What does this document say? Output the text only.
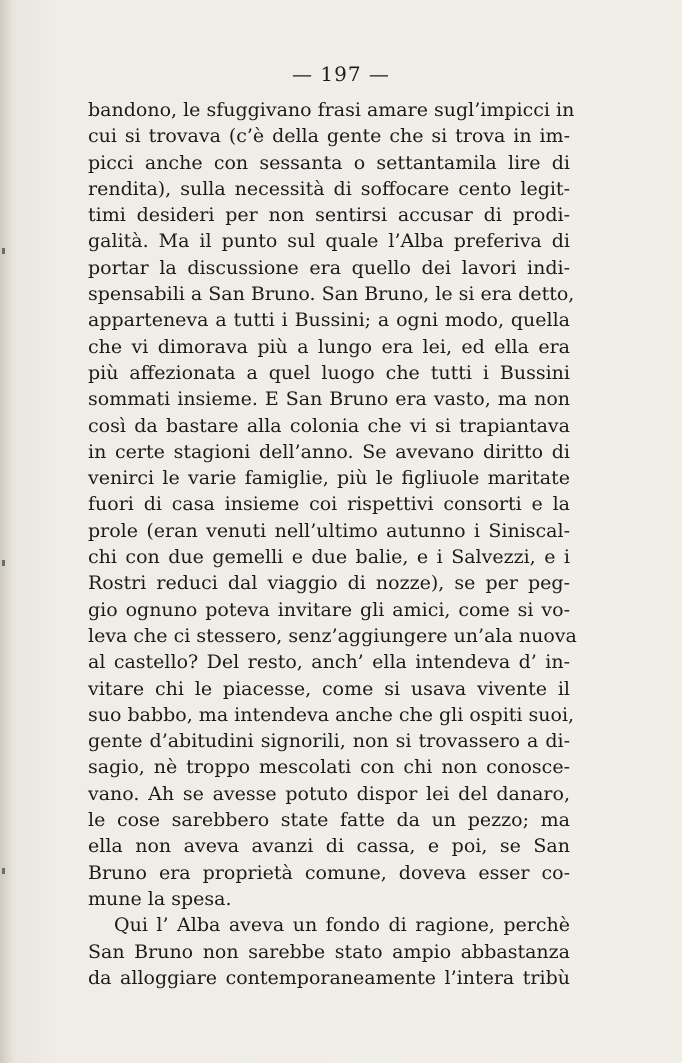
— 197 —
bandono, le sfuggivano frasi amare sugl’impicci in
cui si trovava (c’è della gente che si trova in im-
picci anche con sessanta o settantamila lire di
rendita), sulla necessità di soffocare cento legit-
timi desideri per non sentirsi accusar di prodi-
galità. Ma il punto sul quale l’Alba preferiva di
portar la discussione era quello dei lavori indi-
spensabili a San Bruno. San Bruno, le si era detto,
apparteneva a tutti i Bussini; a ogni modo, quella
che vi dimorava più a lungo era lei, ed ella era
più affezionata a quel luogo che tutti i Bussini
sommati insieme. E San Bruno era vasto, ma non
così da bastare alla colonia che vi si trapiantava
in certe stagioni dell’anno. Se avevano diritto di
venirci le varie famiglie, più le figliuole maritate
fuori di casa insieme coi rispettivi consorti e la
prole (eran venuti nell’ultimo autunno i Siniscal-
chi con due gemelli e due balie, e i Salvezzi, e i
Rostri reduci dal viaggio di nozze), se per peg-
gio ognuno poteva invitare gli amici, come si vo-
leva che ci stessero, senz’aggiungere un’ala nuova
al castello? Del resto, anch’ ella intendeva d’ in-
vitare chi le piacesse, come si usava vivente il
suo babbo, ma intendeva anche che gli ospiti suoi,
gente d’abitudini signorili, non si trovassero a di-
sagio, nè troppo mescolati con chi non conosce-
vano. Ah se avesse potuto dispor lei del danaro,
le cose sarebbero state fatte da un pezzo; ma
ella non aveva avanzi di cassa, e poi, se San
Bruno era proprietà comune, doveva esser co-
mune la spesa.
Qui l’ Alba aveva un fondo di ragione, perchè
San Bruno non sarebbe stato ampio abbastanza
da alloggiare contemporaneamente l’intera tribù
